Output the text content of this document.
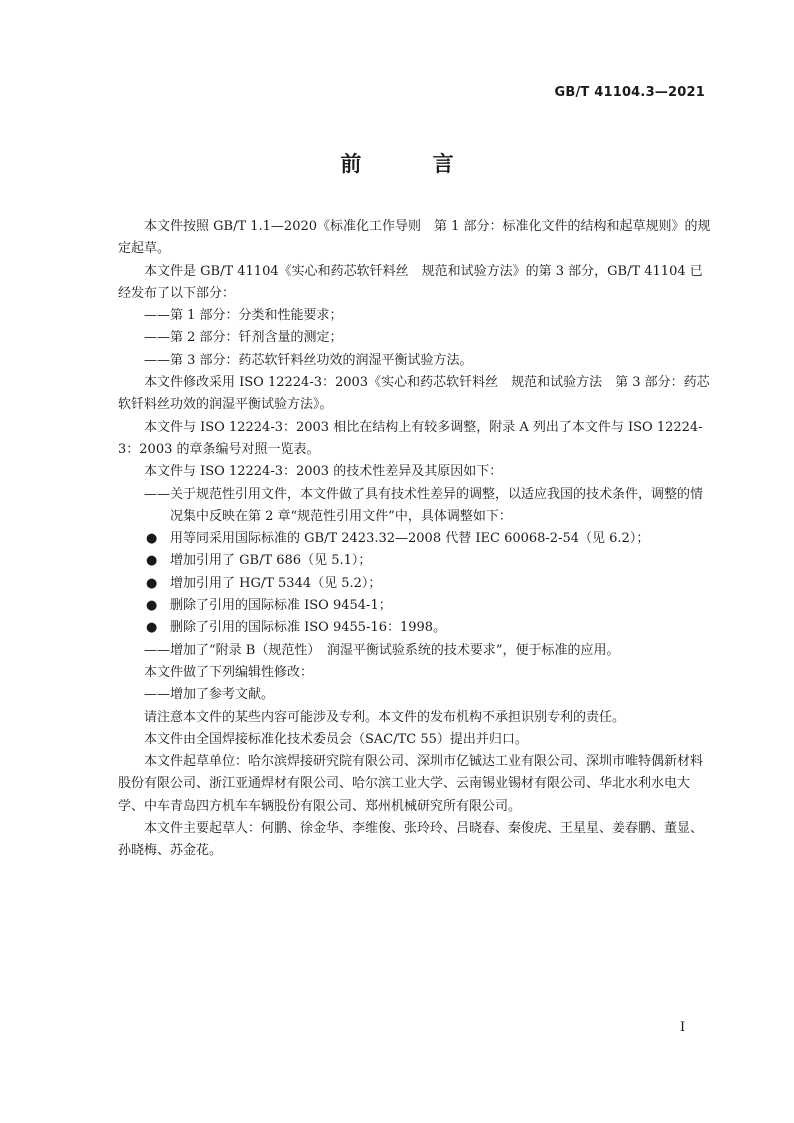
GB/T 41104.3—2021
前 言

本文件按照 GB/T 1.1—2020《标准化工作导则　第 1 部分：标准化文件的结构和起草规则》的规定起草。

本文件是 GB/T 41104《实心和药芯软钎料丝　规范和试验方法》的第 3 部分，GB/T 41104 已经发布了以下部分：

——第 1 部分：分类和性能要求；

——第 2 部分：钎剂含量的测定；

——第 3 部分：药芯软钎料丝功效的润湿平衡试验方法。

本文件修改采用 ISO 12224-3：2003《实心和药芯软钎料丝　规范和试验方法　第 3 部分：药芯软钎料丝功效的润湿平衡试验方法》。

本文件与 ISO 12224-3：2003 相比在结构上有较多调整，附录 A 列出了本文件与 ISO 12224-3：2003 的章条编号对照一览表。

本文件与 ISO 12224-3：2003 的技术性差异及其原因如下：

——关于规范性引用文件，本文件做了具有技术性差异的调整，以适应我国的技术条件，调整的情况集中反映在第 2 章“规范性引用文件”中，具体调整如下：

● 用等同采用国际标准的 GB/T 2423.32—2008 代替 IEC 60068-2-54（见 6.2）；
● 增加引用了 GB/T 686（见 5.1）；
● 增加引用了 HG/T 5344（见 5.2）；
● 删除了引用的国际标准 ISO 9454-1；
● 删除了引用的国际标准 ISO 9455-16：1998。

——增加了“附录 B（规范性）　润湿平衡试验系统的技术要求”，便于标准的应用。

本文件做了下列编辑性修改：

——增加了参考文献。

请注意本文件的某些内容可能涉及专利。本文件的发布机构不承担识别专利的责任。

本文件由全国焊接标准化技术委员会（SAC/TC 55）提出并归口。

本文件起草单位：哈尔滨焊接研究院有限公司、深圳市亿铖达工业有限公司、深圳市唯特偶新材料股份有限公司、浙江亚通焊材有限公司、哈尔滨工业大学、云南锡业锡材有限公司、华北水利水电大学、中车青岛四方机车车辆股份有限公司、郑州机械研究所有限公司。

本文件主要起草人：何鹏、徐金华、李维俊、张玲玲、吕晓春、秦俊虎、王星星、姜春鹏、董显、孙晓梅、苏金花。

I
